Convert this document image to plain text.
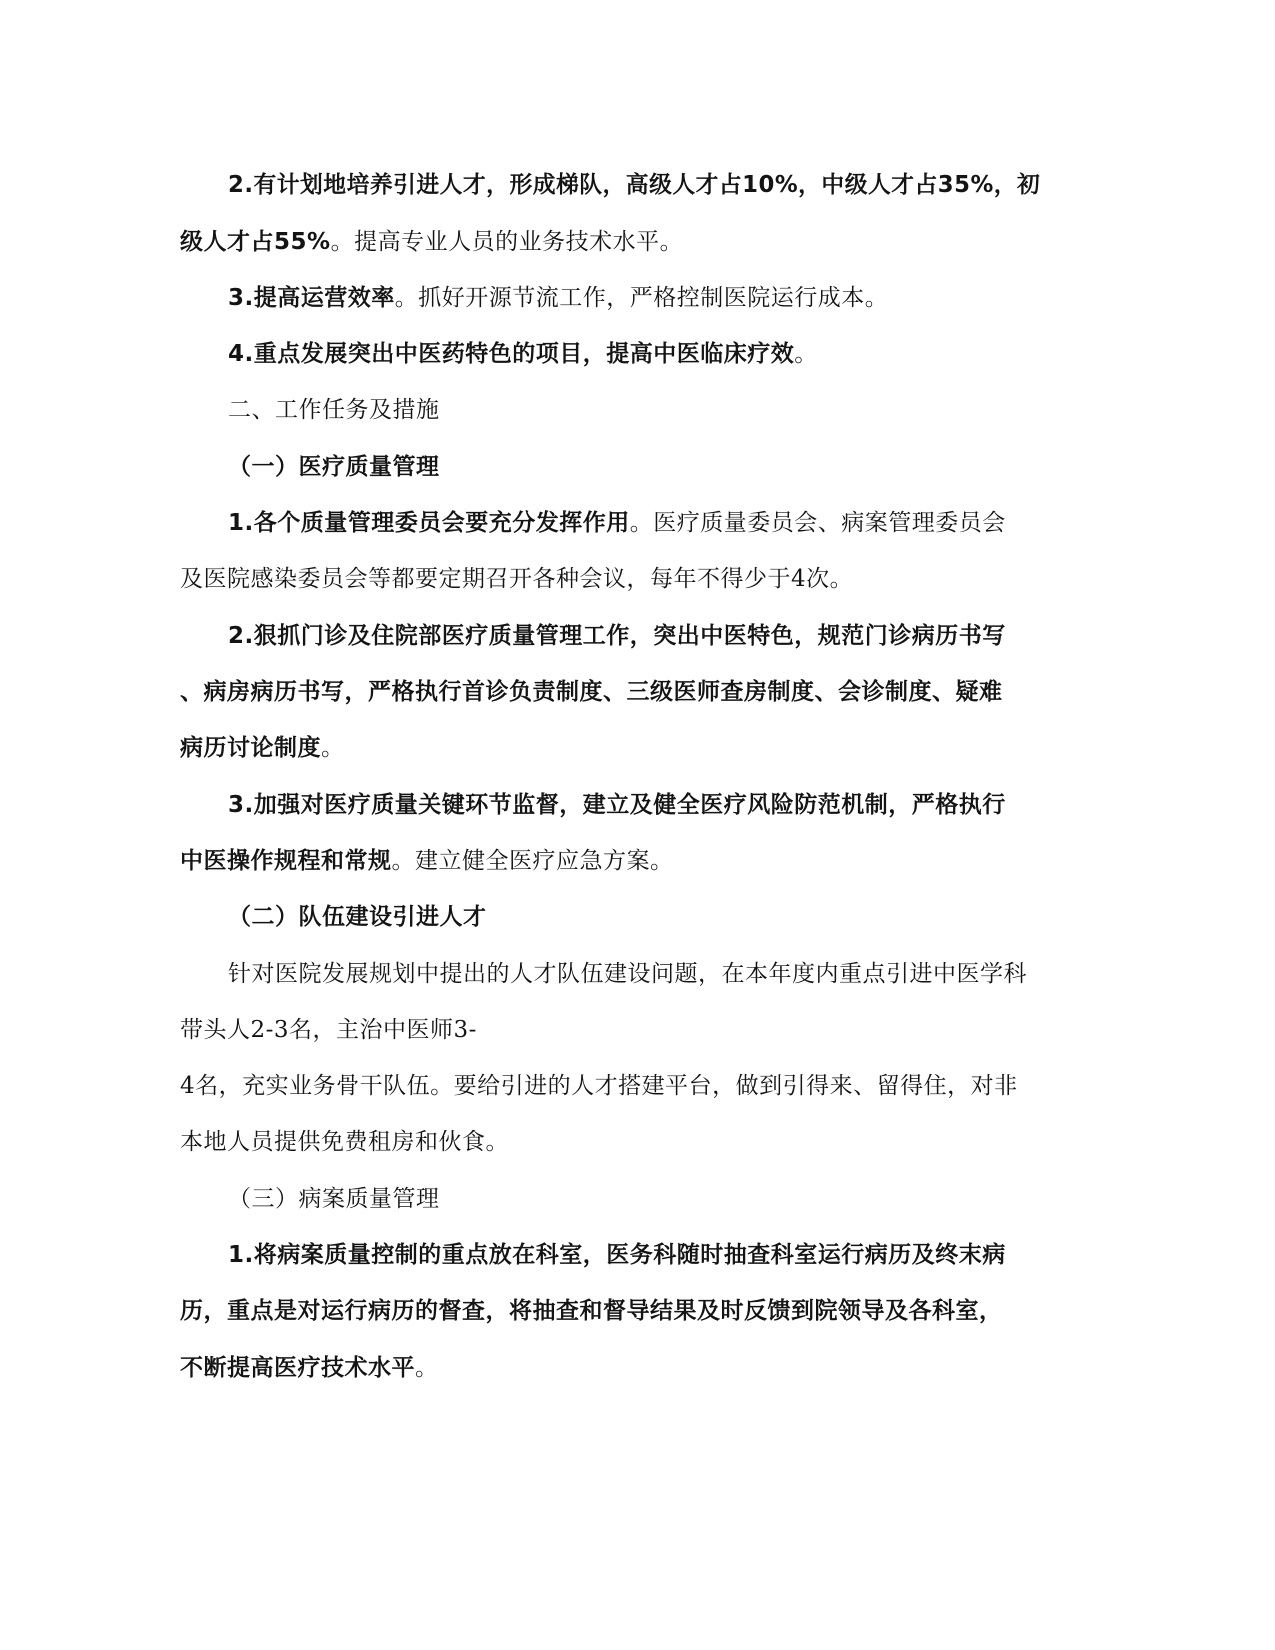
2.有计划地培养引进人才，形成梯队，高级人才占10%，中级人才占35%，初
级人才占55%。提高专业人员的业务技术水平。
3.提高运营效率。抓好开源节流工作，严格控制医院运行成本。
4.重点发展突出中医药特色的项目，提高中医临床疗效。
二、工作任务及措施
（一）医疗质量管理
1.各个质量管理委员会要充分发挥作用。医疗质量委员会、病案管理委员会
及医院感染委员会等都要定期召开各种会议，每年不得少于4次。
2.狠抓门诊及住院部医疗质量管理工作，突出中医特色，规范门诊病历书写
、病房病历书写，严格执行首诊负责制度、三级医师查房制度、会诊制度、疑难
病历讨论制度。
3.加强对医疗质量关键环节监督，建立及健全医疗风险防范机制，严格执行
中医操作规程和常规。建立健全医疗应急方案。
（二）队伍建设引进人才
针对医院发展规划中提出的人才队伍建设问题，在本年度内重点引进中医学科
带头人2-3名，主治中医师3-
4名，充实业务骨干队伍。要给引进的人才搭建平台，做到引得来、留得住，对非
本地人员提供免费租房和伙食。
（三）病案质量管理
1.将病案质量控制的重点放在科室，医务科随时抽查科室运行病历及终末病
历，重点是对运行病历的督查，将抽查和督导结果及时反馈到院领导及各科室，
不断提高医疗技术水平。
